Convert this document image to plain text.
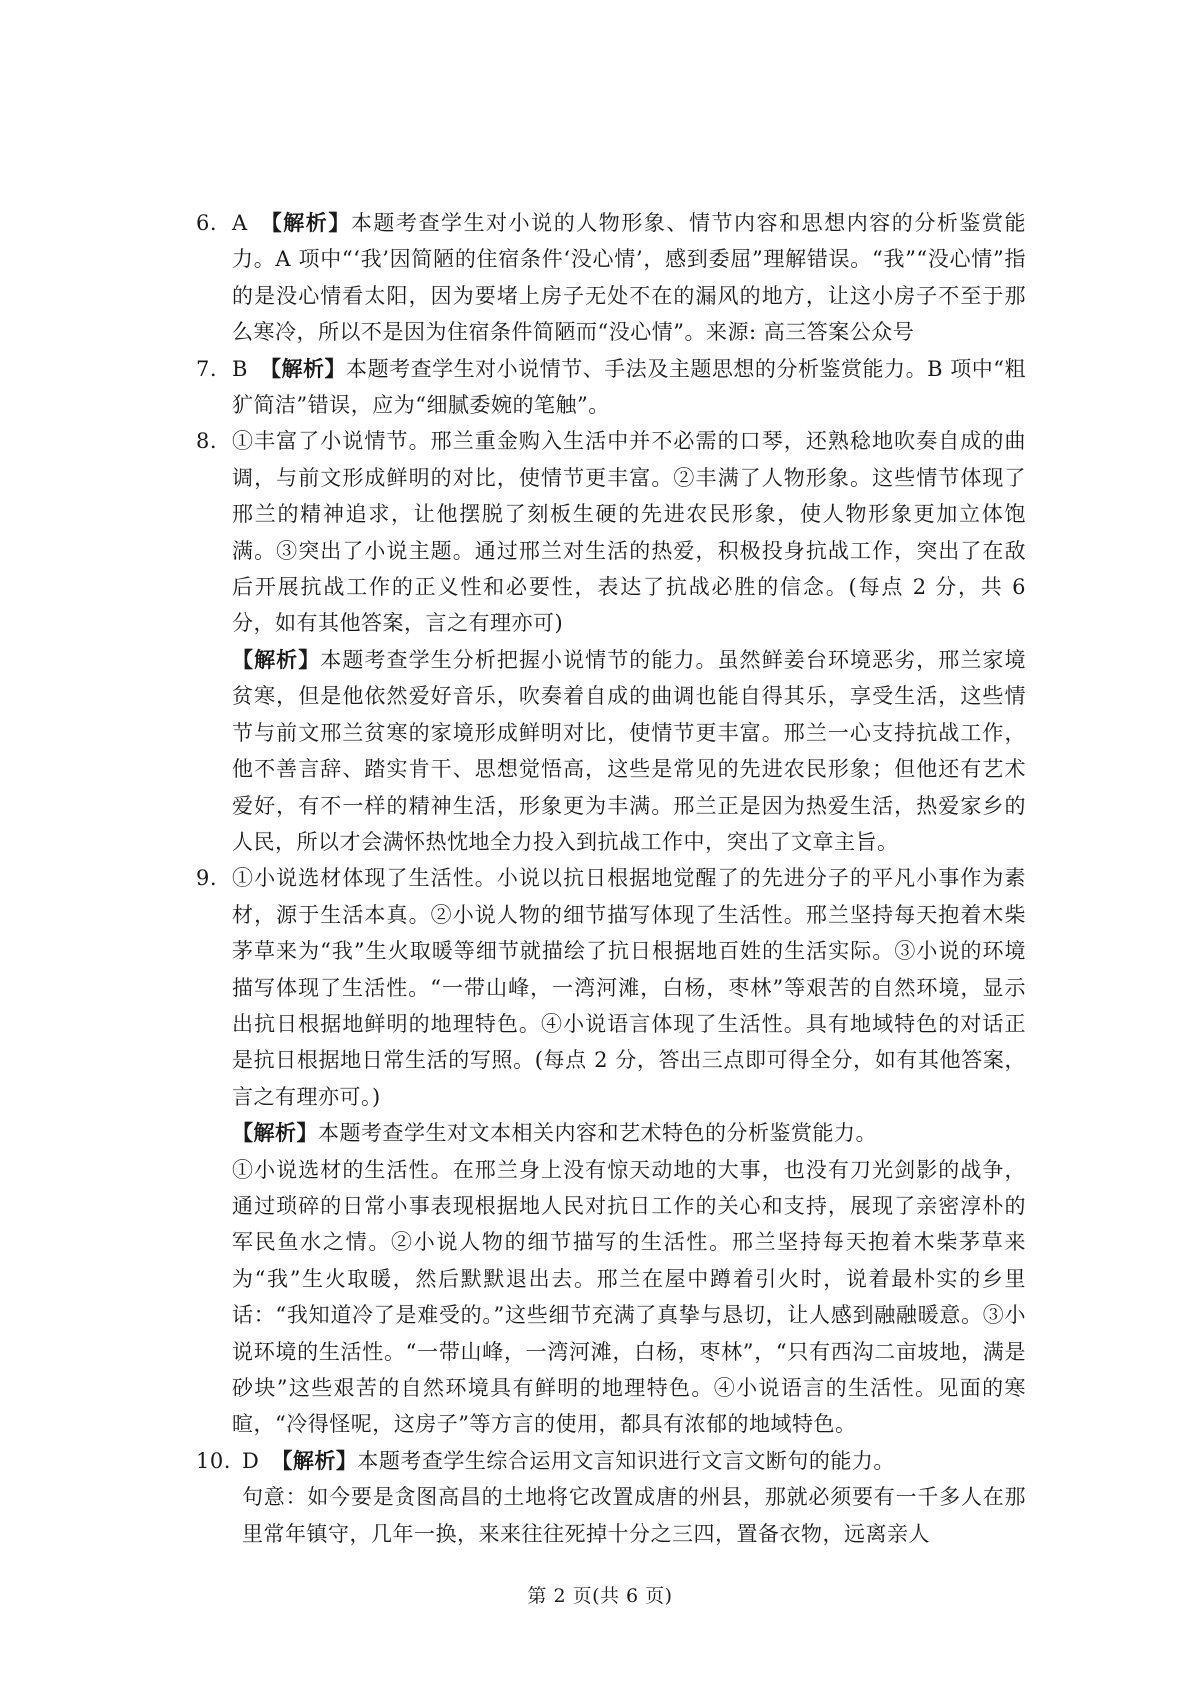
6. A 【解析】本题考查学生对小说的人物形象、情节内容和思想内容的分析鉴赏能力。A 项中“‘我’因简陋的住宿条件‘没心情’，感到委屈”理解错误。“我”“没心情”指的是没心情看太阳，因为要堵上房子无处不在的漏风的地方，让这小房子不至于那么寒冷，所以不是因为住宿条件简陋而“没心情”。来源: 高三答案公众号

7. B 【解析】本题考查学生对小说情节、手法及主题思想的分析鉴赏能力。B 项中“粗犷简洁”错误，应为“细腻委婉的笔触”。

8. ①丰富了小说情节。邢兰重金购入生活中并不必需的口琴，还熟稔地吹奏自成的曲调，与前文形成鲜明的对比，使情节更丰富。②丰满了人物形象。这些情节体现了邢兰的精神追求，让他摆脱了刻板生硬的先进农民形象，使人物形象更加立体饱满。③突出了小说主题。通过邢兰对生活的热爱，积极投身抗战工作，突出了在敌后开展抗战工作的正义性和必要性，表达了抗战必胜的信念。(每点 2 分，共 6 分，如有其他答案，言之有理亦可)

【解析】本题考查学生分析把握小说情节的能力。虽然鲜姜台环境恶劣，邢兰家境贫寒，但是他依然爱好音乐，吹奏着自成的曲调也能自得其乐，享受生活，这些情节与前文邢兰贫寒的家境形成鲜明对比，使情节更丰富。邢兰一心支持抗战工作，他不善言辞、踏实肯干、思想觉悟高，这些是常见的先进农民形象；但他还有艺术爱好，有不一样的精神生活，形象更为丰满。邢兰正是因为热爱生活，热爱家乡的人民，所以才会满怀热忱地全力投入到抗战工作中，突出了文章主旨。

9. ①小说选材体现了生活性。小说以抗日根据地觉醒了的先进分子的平凡小事作为素材，源于生活本真。②小说人物的细节描写体现了生活性。邢兰坚持每天抱着木柴茅草来为“我”生火取暖等细节就描绘了抗日根据地百姓的生活实际。③小说的环境描写体现了生活性。“一带山峰，一湾河滩，白杨，枣林”等艰苦的自然环境，显示出抗日根据地鲜明的地理特色。④小说语言体现了生活性。具有地域特色的对话正是抗日根据地日常生活的写照。(每点 2 分，答出三点即可得全分，如有其他答案，言之有理亦可。)

【解析】本题考查学生对文本相关内容和艺术特色的分析鉴赏能力。

①小说选材的生活性。在邢兰身上没有惊天动地的大事，也没有刀光剑影的战争，通过琐碎的日常小事表现根据地人民对抗日工作的关心和支持，展现了亲密淳朴的军民鱼水之情。②小说人物的细节描写的生活性。邢兰坚持每天抱着木柴茅草来为“我”生火取暖，然后默默退出去。邢兰在屋中蹲着引火时，说着最朴实的乡里话：“我知道冷了是难受的。”这些细节充满了真挚与恳切，让人感到融融暖意。③小说环境的生活性。“一带山峰，一湾河滩，白杨，枣林”，“只有西沟二亩坡地，满是砂块”这些艰苦的自然环境具有鲜明的地理特色。④小说语言的生活性。见面的寒暄，“冷得怪呢，这房子”等方言的使用，都具有浓郁的地域特色。

10. D 【解析】本题考查学生综合运用文言知识进行文言文断句的能力。

句意：如今要是贪图高昌的土地将它改置成唐的州县，那就必须要有一千多人在那里常年镇守，几年一换，来来往往死掉十分之三四，置备衣物，远离亲人

第 2 页(共 6 页)
